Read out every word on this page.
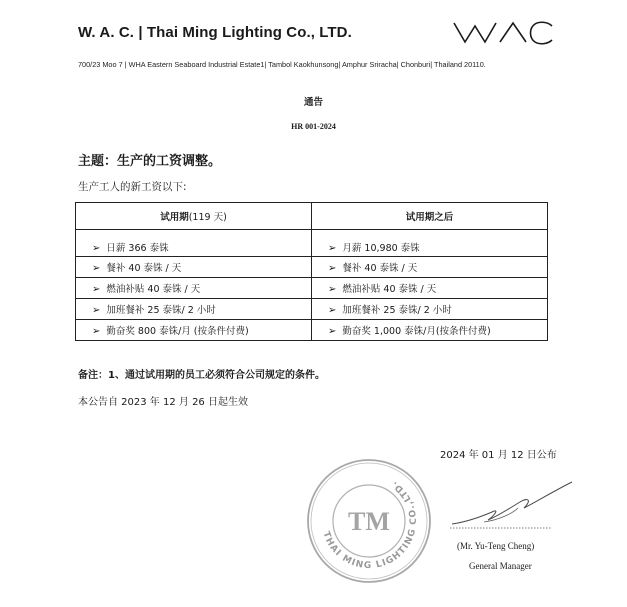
W. A. C. | Thai Ming Lighting Co., LTD.
700/23 Moo 7 | WHA Eastern Seaboard Industrial Estate1| Tambol Kaokhunsong| Amphur Sriracha| Chonburi| Thailand 20110.
通告
HR 001-2024
主题：生产的工资调整。
生产工人的新工资以下:
试用期(119 天)	试用期之后
➢ 日薪 366 泰铢	➢ 月薪 10,980 泰铢
➢ 餐补 40 泰铢 / 天	➢ 餐补 40 泰铢 / 天
➢ 燃油补贴 40 泰铢 / 天	➢ 燃油补贴 40 泰铢 / 天
➢ 加班餐补 25 泰铢/ 2 小时	➢ 加班餐补 25 泰铢/ 2 小时
➢ 勤奋奖 800 泰铢/月 (按条件付费)	➢ 勤奋奖 1,000 泰铢/月(按条件付费)
备注：1、通过试用期的员工必须符合公司规定的条件。
本公告自 2023 年 12 月 26 日起生效
2024 年 01 月 12 日公布
THAI MING LIGHTING CO.,LTD.
TM
(Mr. Yu-Teng Cheng)
General Manager
